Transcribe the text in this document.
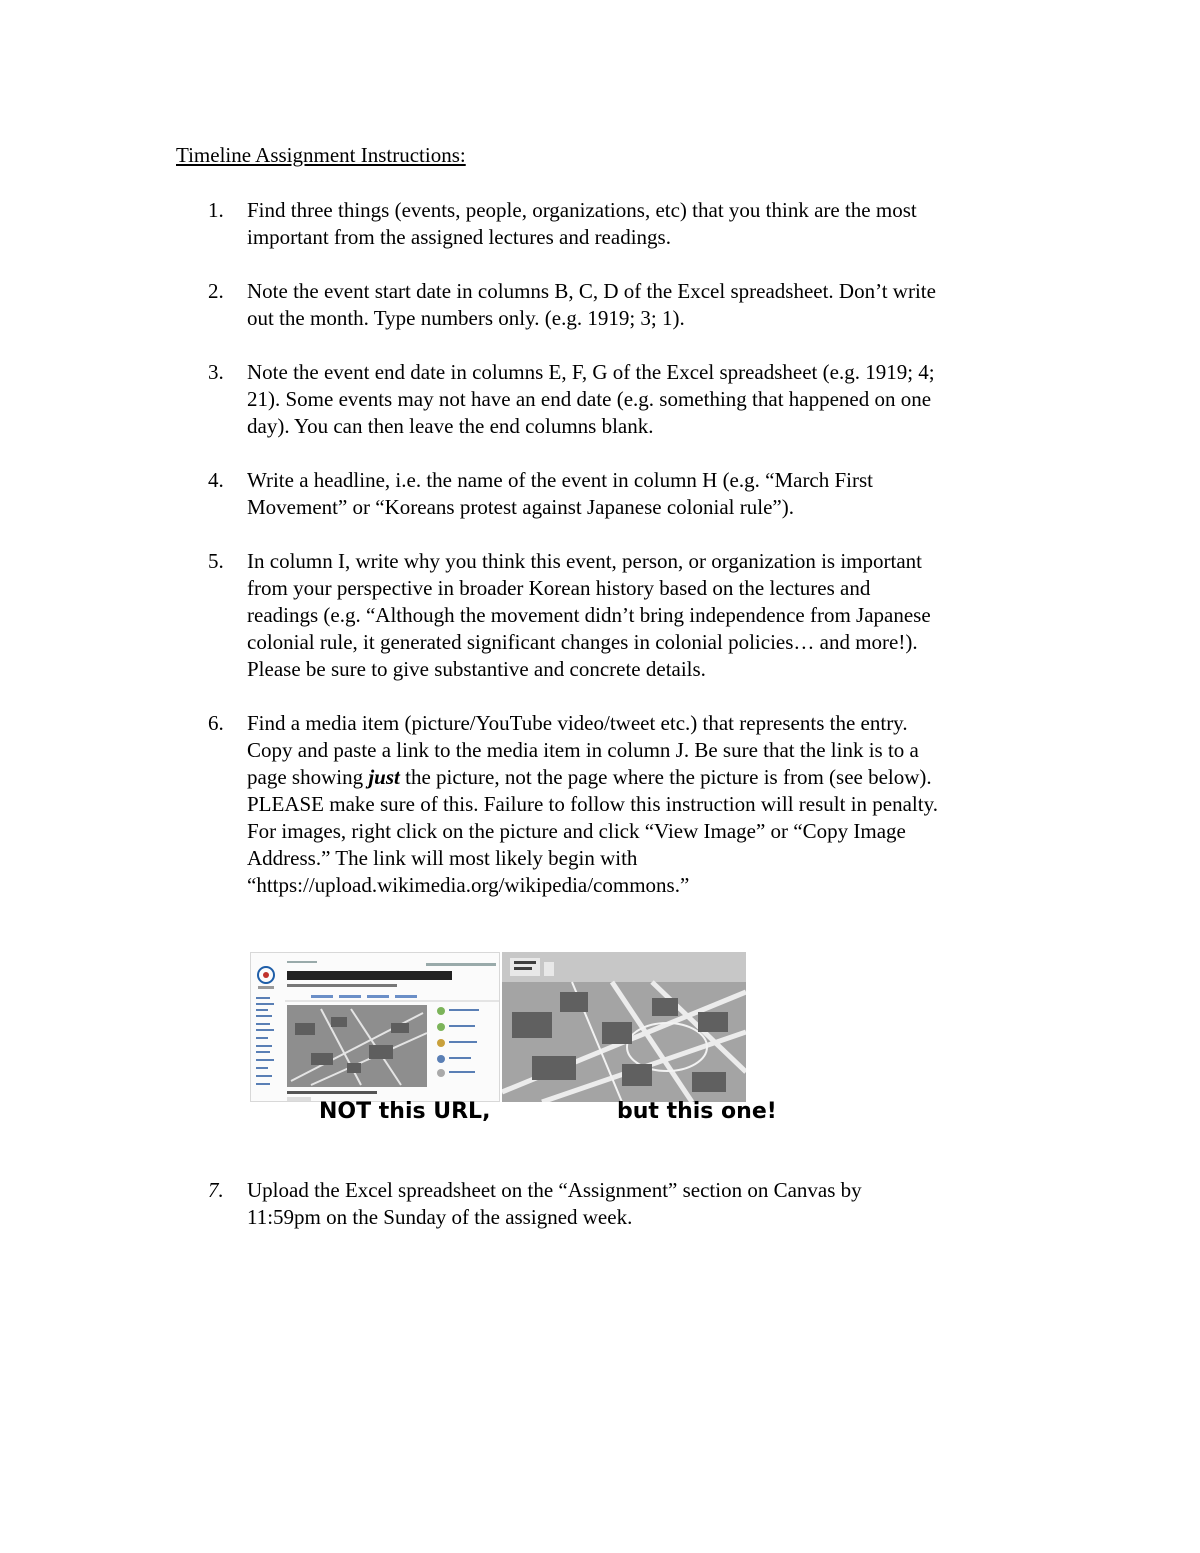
Timeline Assignment Instructions:
1.	Find three things (events, people, organizations, etc) that you think are the most
important from the assigned lectures and readings.
2.	Note the event start date in columns B, C, D of the Excel spreadsheet. Don’t write
out the month. Type numbers only. (e.g. 1919; 3; 1).
3.	Note the event end date in columns E, F, G of the Excel spreadsheet (e.g. 1919; 4;
21). Some events may not have an end date (e.g. something that happened on one
day). You can then leave the end columns blank.
4.	Write a headline, i.e. the name of the event in column H (e.g. “March First
Movement” or “Koreans protest against Japanese colonial rule”).
5.	In column I, write why you think this event, person, or organization is important
from your perspective in broader Korean history based on the lectures and
readings (e.g. “Although the movement didn’t bring independence from Japanese
colonial rule, it generated significant changes in colonial policies… and more!).
Please be sure to give substantive and concrete details.
6.	Find a media item (picture/YouTube video/tweet etc.) that represents the entry.
Copy and paste a link to the media item in column J. Be sure that the link is to a
page showing just the picture, not the page where the picture is from (see below).
PLEASE make sure of this. Failure to follow this instruction will result in penalty.
For images, right click on the picture and click “View Image” or “Copy Image
Address.” The link will most likely begin with
“https://upload.wikimedia.org/wikipedia/commons.”
NOT this URL,	but this one!
7.	Upload the Excel spreadsheet on the “Assignment” section on Canvas by
11:59pm on the Sunday of the assigned week.
